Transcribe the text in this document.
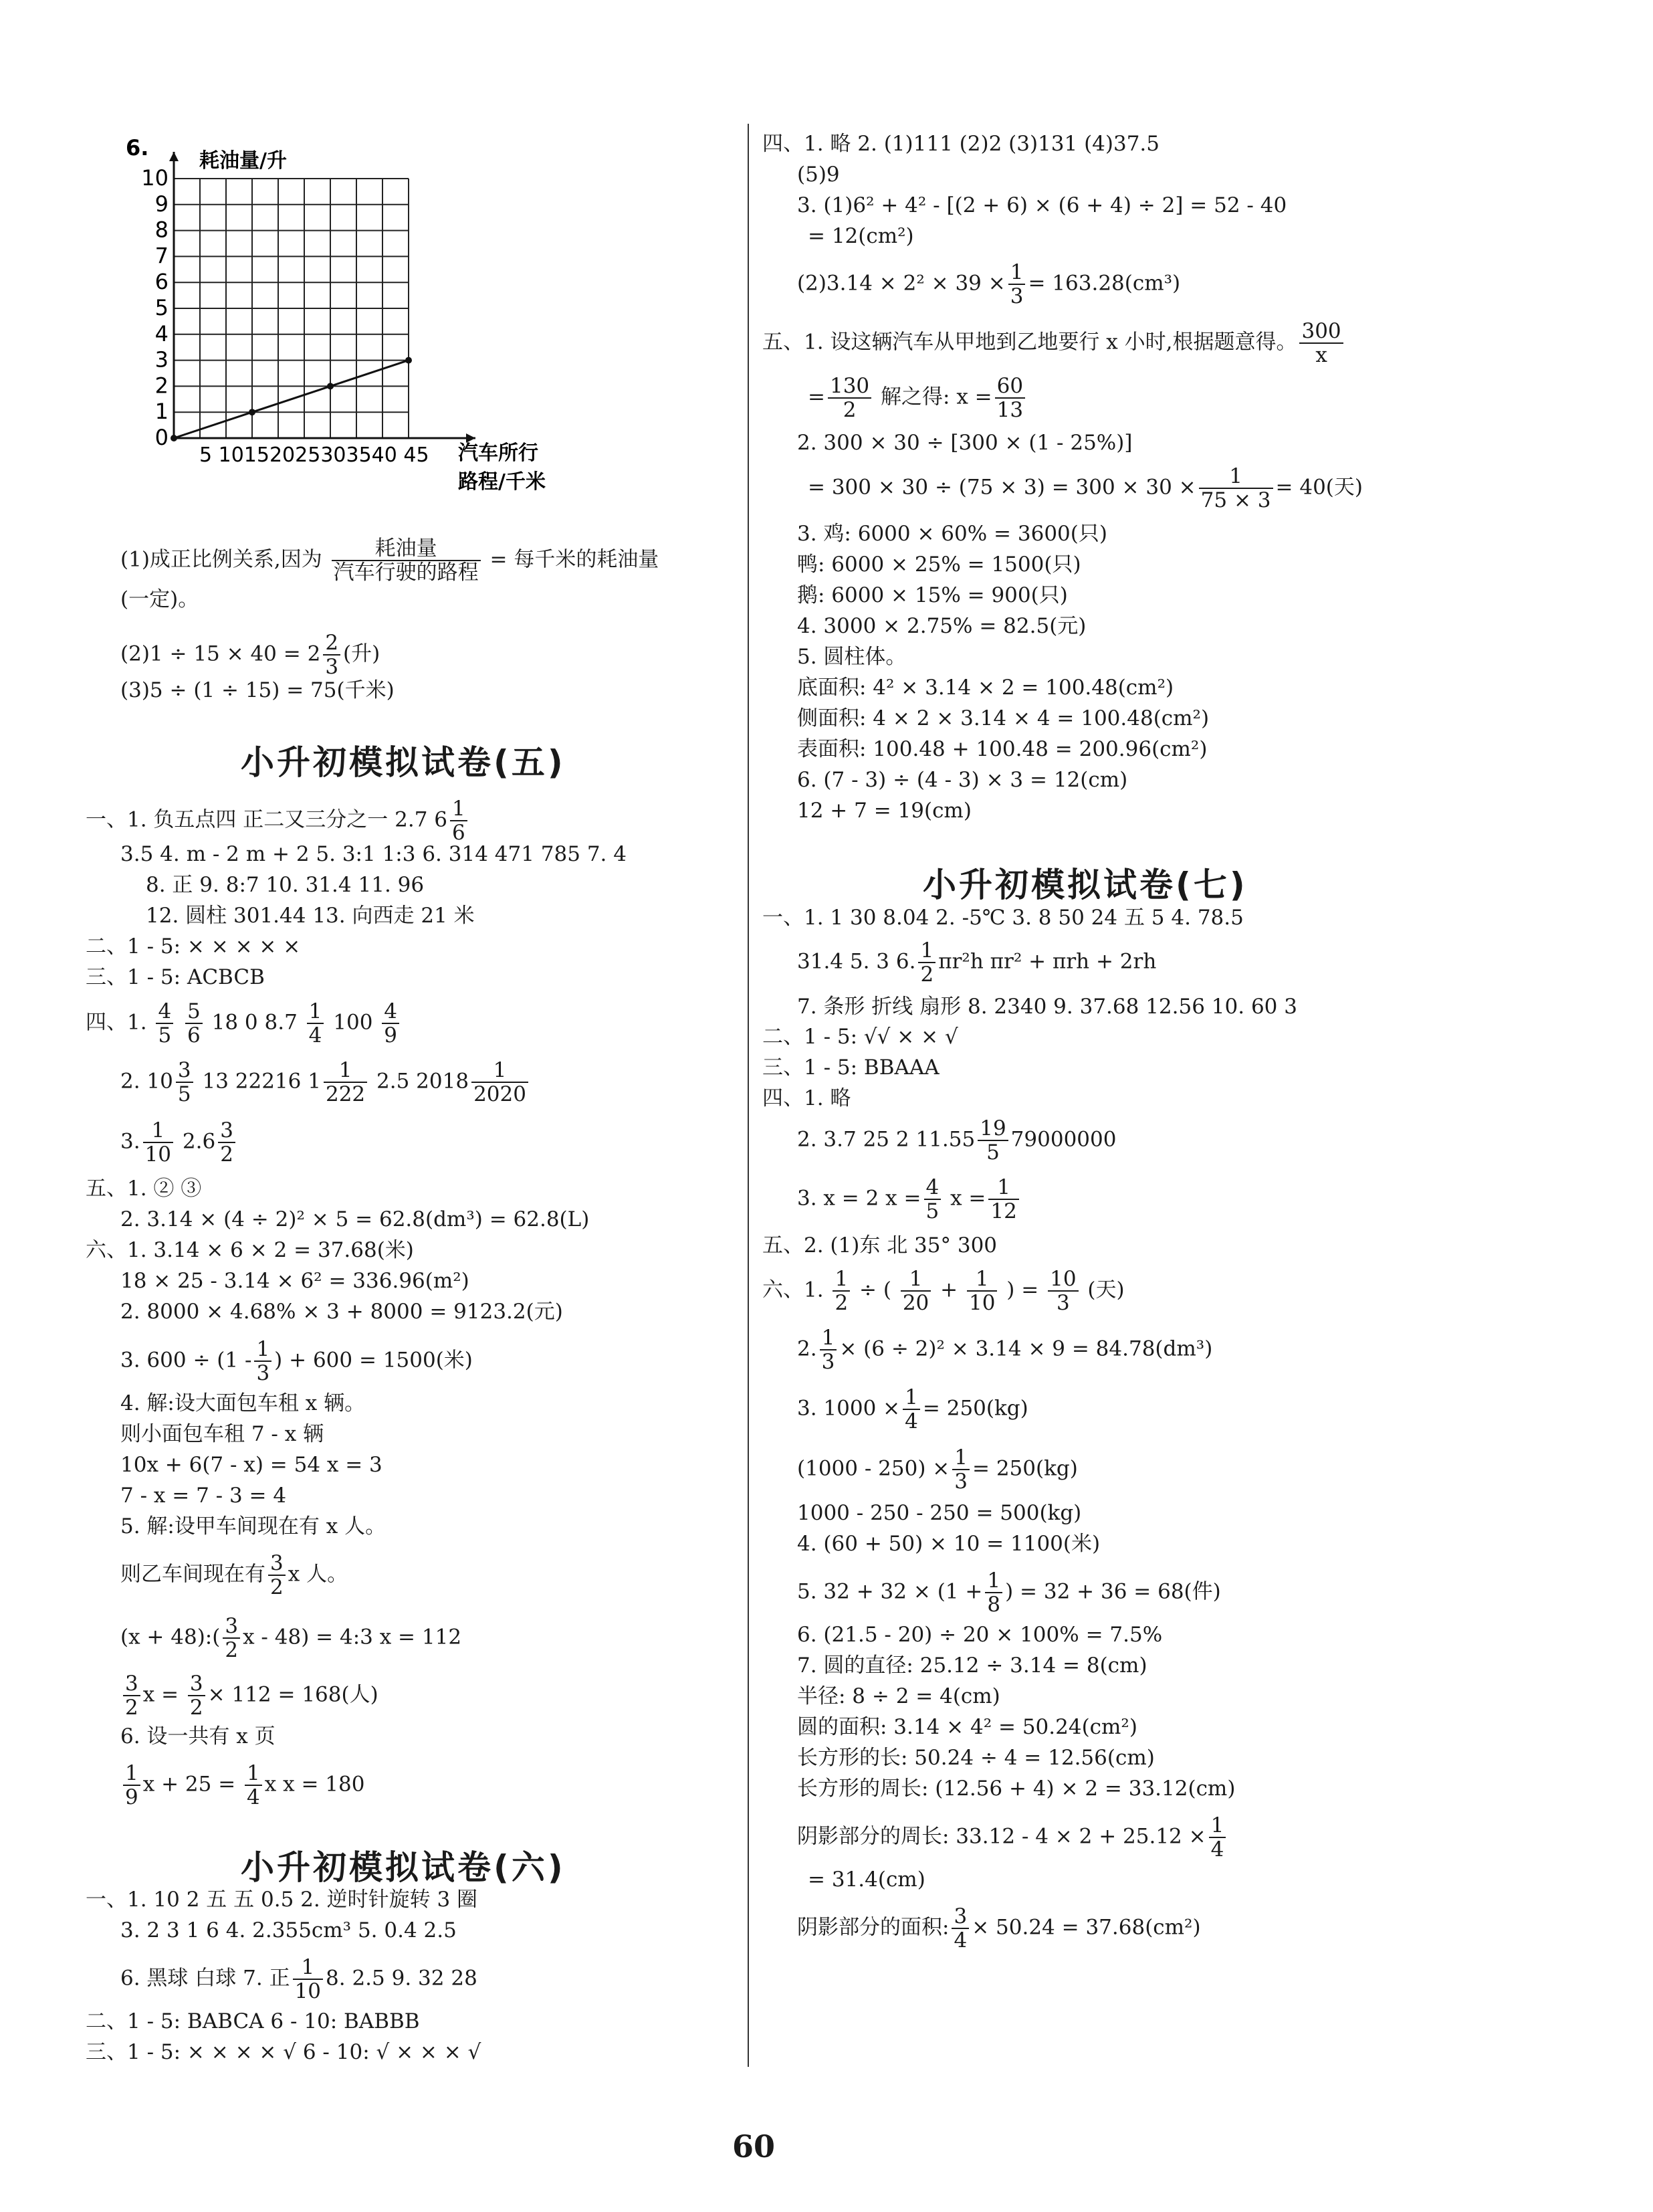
6.
0
1
2
3
4
5
6
7
8
9
10
耗油量/升
5 10152025303540 45 汽车所行
路程/千米
(1)成正比例关系,因为 $\frac{\text{耗油量}}{\text{汽车行驶的路程}}$ = 每千米的耗油量
(一定)。
$(2)1 \div 15 \times 40 = 2 \frac{2}{3}$ (升)
(3)5 ÷ (1 ÷ 15) = 75(千米)
小升初模拟试卷(五)
一、1. 负五点四 正二又三分之一 2.7 $6 \frac{1}{6}$
3.5 4. m - 2 m + 2 5. 3:1 1:3 6. 314 471 785 7. 4
8. 正 9. 8:7 10. 31.4 11. 96
12. 圆柱 301.44 13. 向西走 21 米
二、1 - 5: × × × × ×
三、1 - 5: ACBCB
四、1. $\frac{4}{5}$
$\frac{5}{6} 18$ 0 $8.7 \frac{1}{4} 100 \frac{4}{9}$
2. $10 \frac{3}{5} 13$ 22216 $1 \frac{1}{222} 2.5$ $2018 \frac{1}{2020}$
3. $\frac{1}{10} 2.6 \frac{3}{2}$
五、1. ② ③
2. 3.14 × (4 ÷ 2)² × 5 = 62.8(dm³) = 62.8(L)
六、1. 3.14 × 6 × 2 = 37.68(米)
18 × 25 - 3.14 × 6² = 336.96(m²)
2. 8000 × 4.68% × 3 + 8000 = 9123.2(元)
3. $600 \div (1 - \frac{1}{3}$ ) + 600 = 1500(米)
4. 解:设大面包车租 x 辆。
则小面包车租 7 - x 辆
10x + 6(7 - x) = 54 x = 3
7 - x = 7 - 3 = 4
5. 解:设甲车间现在有 x 人。
则乙车间现在有 $\frac{3}{2}$ x 人。
(x + 48):( $\frac{3}{2}$ x - 48) = 4:3 x = 112
$\frac{3}{2}$ $x = \frac{3}{2} \times 112 = 168$(人)
6. 设一共有 x 页
$\frac{1}{9}$ $x + 25 = \frac{1}{4}$ x x = 180
小升初模拟试卷(六)
一、1. 10 2 五 五 0.5 2. 逆时针旋转 3 圈
3. 2 3 1 6 4. 2.355cm³ 5. 0.4 2.5
6. 黑球 白球 7. 正 $\frac{1}{10} 8$. 2.5 9. 32 28
二、1 - 5: BABCA 6 - 10: BABBB
三、1 - 5: × × × × √ 6 - 10: √ × × × √
四、1. 略 2. (1)111 (2)2 (3)131 (4)37.5
(5)9
3. (1)6² + 4² - [(2 + 6) × (6 + 4) ÷ 2] = 52 - 40
= 12(cm²)
$(2)3.14 \times 2^2 \times 39 \times \frac{1}{3} = 163.28(cm^3)$
五、1. 设这辆汽车从甲地到乙地要行 x 小时,根据题意得。 $\frac{300}{x}$
= $\frac{130}{2}$ 解之得: $x = \frac{60}{13}$
2. 300 × 30 ÷ [300 × (1 - 25%)]
= $300 \times 30 \div (75 \times 3) = 300 \times 30 \times \frac{1}{75 \times 3} = 40$(天)
3. 鸡: 6000 × 60% = 3600(只)
鸭: 6000 × 25% = 1500(只)
鹅: 6000 × 15% = 900(只)
4. 3000 × 2.75% = 82.5(元)
5. 圆柱体。
底面积: 4² × 3.14 × 2 = 100.48(cm²)
侧面积: 4 × 2 × 3.14 × 4 = 100.48(cm²)
表面积: 100.48 + 100.48 = 200.96(cm²)
6. (7 - 3) ÷ (4 - 3) × 3 = 12(cm)
12 + 7 = 19(cm)
小升初模拟试卷(七)
一、1. 1 30 8.04 2. -5℃ 3. 8 50 24 五 5 4. 78.5
31.4 5. 3 6. $\frac{1}{2} \pi r^2h$ πr² + πrh + 2rh
7. 条形 折线 扇形 8. 2340 9. 37.68 12.56 10. 60 3
二、1 - 5: √√ × × √
三、1 - 5: BBAAA
四、1. 略
2. 3.7 25 2 $11.55 \frac{19}{5} 79000000$
3. x = 2 $x = \frac{4}{5}$ $x = \frac{1}{12}$
五、2. (1)东 北 35° 300
六、1. $\frac{1}{2}$ ÷ ( $\frac{1}{20} + \frac{1}{10}$ ) = $\frac{10}{3}$ (天)
2. $\frac{1}{3} \times (6 \div 2)^2 \times 3.14 \times 9 = 84.78(dm^3)$
3. $1000 \times \frac{1}{4} = 250(kg)$
$(1000 - 250) \times \frac{1}{3} = 250(kg)$
1000 - 250 - 250 = 500(kg)
4. (60 + 50) × 10 = 1100(米)
5. $32 + 32 \times (1 + \frac{1}{8}$ ) = 32 + 36 = 68(件)
6. (21.5 - 20) ÷ 20 × 100% = 7.5%
7. 圆的直径: 25.12 ÷ 3.14 = 8(cm)
半径: 8 ÷ 2 = 4(cm)
圆的面积: 3.14 × 4² = 50.24(cm²)
长方形的长: 50.24 ÷ 4 = 12.56(cm)
长方形的周长: (12.56 + 4) × 2 = 33.12(cm)
阴影部分的周长: $33.12 - 4 \times 2 + 25.12 \times \frac{1}{4}$
= 31.4(cm)
阴影部分的面积: $\frac{3}{4} \times 50.24 = 37.68(cm^2)$
60
